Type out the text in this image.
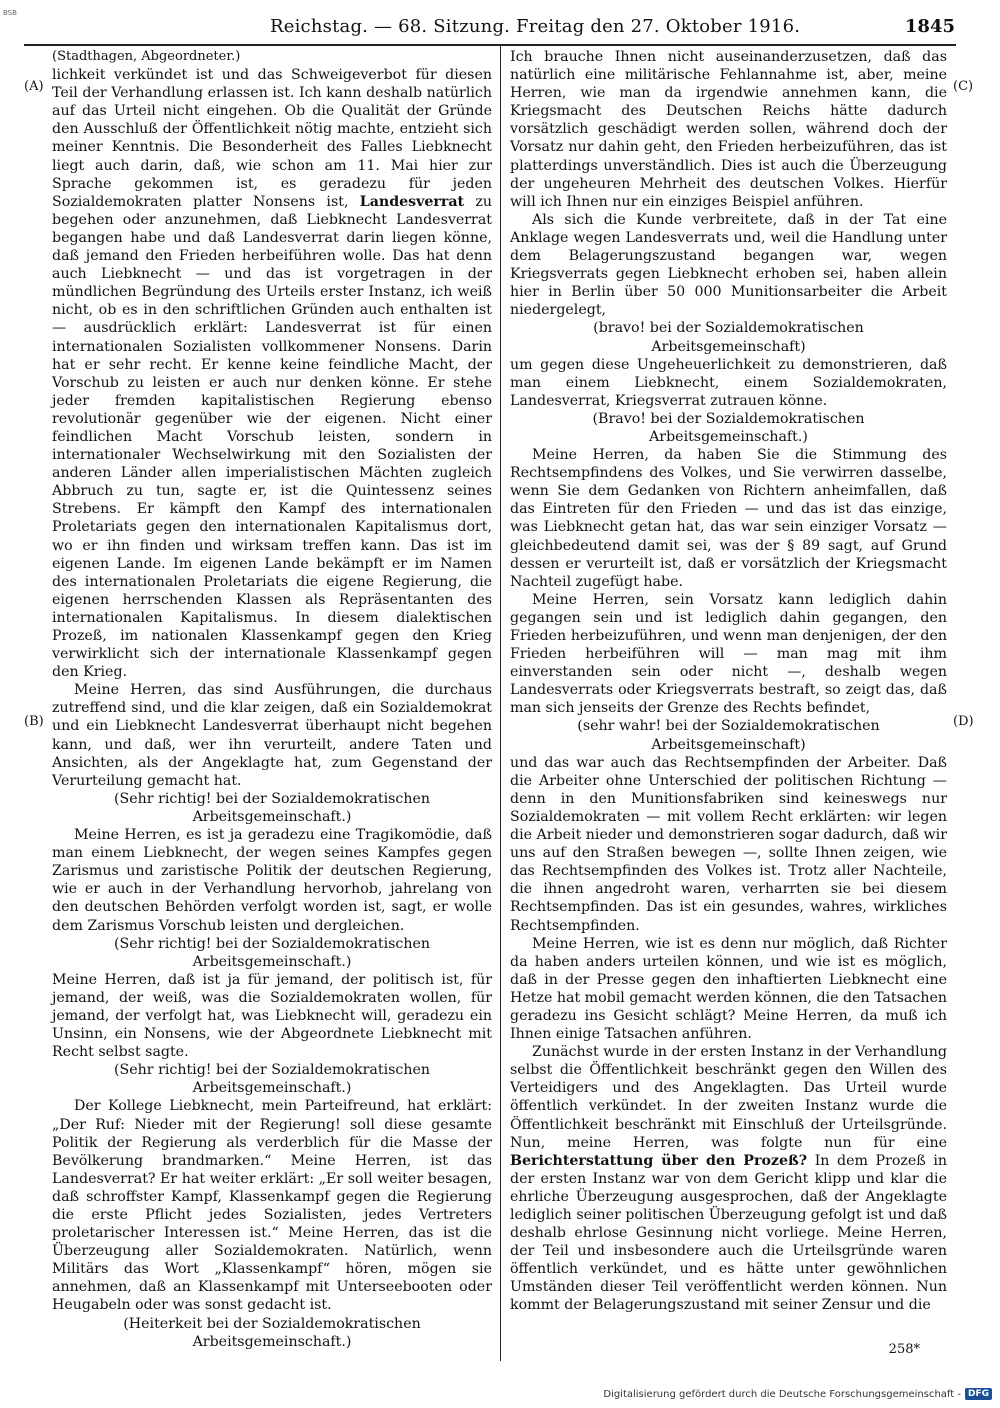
BSB
Reichstag. — 68. Sitzung. Freitag den 27. Oktober 1916.	1845
(A)
(B)
(C)
(D)

(Stadthagen, Abgeordneter.)

lichkeit verkündet ist und das Schweigeverbot für diesen Teil der Verhandlung erlassen ist. Ich kann deshalb natürlich auf das Urteil nicht eingehen. Ob die Qualität der Gründe den Ausschluß der Öffentlichkeit nötig machte, entzieht sich meiner Kenntnis. Die Besonderheit des Falles Liebknecht liegt auch darin, daß, wie schon am 11. Mai hier zur Sprache gekommen ist, es geradezu für jeden Sozialdemokraten platter Nonsens ist, Landesverrat zu begehen oder anzunehmen, daß Liebknecht Landesverrat begangen habe und daß Landesverrat darin liegen könne, daß jemand den Frieden herbeiführen wolle. Das hat denn auch Liebknecht — und das ist vorgetragen in der mündlichen Begründung des Urteils erster Instanz, ich weiß nicht, ob es in den schriftlichen Gründen auch enthalten ist — ausdrücklich erklärt: Landesverrat ist für einen internationalen Sozialisten vollkommener Nonsens. Darin hat er sehr recht. Er kenne keine feindliche Macht, der Vorschub zu leisten er auch nur denken könne. Er stehe jeder fremden kapitalistischen Regierung ebenso revolutionär gegenüber wie der eigenen. Nicht einer feindlichen Macht Vorschub leisten, sondern in internationaler Wechselwirkung mit den Sozialisten der anderen Länder allen imperialistischen Mächten zugleich Abbruch zu tun, sagte er, ist die Quintessenz seines Strebens. Er kämpft den Kampf des internationalen Proletariats gegen den internationalen Kapitalismus dort, wo er ihn finden und wirksam treffen kann. Das ist im eigenen Lande. Im eigenen Lande bekämpft er im Namen des internationalen Proletariats die eigene Regierung, die eigenen herrschenden Klassen als Repräsentanten des internationalen Kapitalismus. In diesem dialektischen Prozeß, im nationalen Klassenkampf gegen den Krieg verwirklicht sich der internationale Klassenkampf gegen den Krieg.

Meine Herren, das sind Ausführungen, die durchaus zutreffend sind, und die klar zeigen, daß ein Sozialdemokrat und ein Liebknecht Landesverrat überhaupt nicht begehen kann, und daß, wer ihn verurteilt, andere Taten und Ansichten, als der Angeklagte hat, zum Gegenstand der Verurteilung gemacht hat.

(Sehr richtig! bei der Sozialdemokratischen Arbeitsgemeinschaft.)

Meine Herren, es ist ja geradezu eine Tragikomödie, daß man einem Liebknecht, der wegen seines Kampfes gegen Zarismus und zaristische Politik der deutschen Regierung, wie er auch in der Verhandlung hervorhob, jahrelang von den deutschen Behörden verfolgt worden ist, sagt, er wolle dem Zarismus Vorschub leisten und dergleichen.

(Sehr richtig! bei der Sozialdemokratischen Arbeitsgemeinschaft.)

Meine Herren, daß ist ja für jemand, der politisch ist, für jemand, der weiß, was die Sozialdemokraten wollen, für jemand, der verfolgt hat, was Liebknecht will, geradezu ein Unsinn, ein Nonsens, wie der Abgeordnete Liebknecht mit Recht selbst sagte.

(Sehr richtig! bei der Sozialdemokratischen Arbeitsgemeinschaft.)

Der Kollege Liebknecht, mein Parteifreund, hat erklärt: „Der Ruf: Nieder mit der Regierung! soll diese gesamte Politik der Regierung als verderblich für die Masse der Bevölkerung brandmarken.“ Meine Herren, ist das Landesverrat? Er hat weiter erklärt: „Er soll weiter besagen, daß schroffster Kampf, Klassenkampf gegen die Regierung die erste Pflicht jedes Sozialisten, jedes Vertreters proletarischer Interessen ist.“ Meine Herren, das ist die Überzeugung aller Sozialdemokraten. Natürlich, wenn Militärs das Wort „Klassenkampf“ hören, mögen sie annehmen, daß an Klassenkampf mit Unterseebooten oder Heugabeln oder was sonst gedacht ist.

(Heiterkeit bei der Sozialdemokratischen Arbeitsgemeinschaft.)

Ich brauche Ihnen nicht auseinanderzusetzen, daß das natürlich eine militärische Fehlannahme ist, aber, meine Herren, wie man da irgendwie annehmen kann, die Kriegsmacht des Deutschen Reichs hätte dadurch vorsätzlich geschädigt werden sollen, während doch der Vorsatz nur dahin geht, den Frieden herbeizuführen, das ist platterdings unverständlich. Dies ist auch die Überzeugung der ungeheuren Mehrheit des deutschen Volkes. Hierfür will ich Ihnen nur ein einziges Beispiel anführen.

Als sich die Kunde verbreitete, daß in der Tat eine Anklage wegen Landesverrats und, weil die Handlung unter dem Belagerungszustand begangen war, wegen Kriegsverrats gegen Liebknecht erhoben sei, haben allein hier in Berlin über 50 000 Munitionsarbeiter die Arbeit niedergelegt,

(bravo! bei der Sozialdemokratischen Arbeitsgemeinschaft)

um gegen diese Ungeheuerlichkeit zu demonstrieren, daß man einem Liebknecht, einem Sozialdemokraten, Landesverrat, Kriegsverrat zutrauen könne.

(Bravo! bei der Sozialdemokratischen Arbeitsgemeinschaft.)

Meine Herren, da haben Sie die Stimmung des Rechtsempfindens des Volkes, und Sie verwirren dasselbe, wenn Sie dem Gedanken von Richtern anheimfallen, daß das Eintreten für den Frieden — und das ist das einzige, was Liebknecht getan hat, das war sein einziger Vorsatz — gleichbedeutend damit sei, was der § 89 sagt, auf Grund dessen er verurteilt ist, daß er vorsätzlich der Kriegsmacht Nachteil zugefügt habe.

Meine Herren, sein Vorsatz kann lediglich dahin gegangen sein und ist lediglich dahin gegangen, den Frieden herbeizuführen, und wenn man denjenigen, der den Frieden herbeiführen will — man mag mit ihm einverstanden sein oder nicht —, deshalb wegen Landesverrats oder Kriegsverrats bestraft, so zeigt das, daß man sich jenseits der Grenze des Rechts befindet,

(sehr wahr! bei der Sozialdemokratischen Arbeitsgemeinschaft)

und das war auch das Rechtsempfinden der Arbeiter. Daß die Arbeiter ohne Unterschied der politischen Richtung — denn in den Munitionsfabriken sind keineswegs nur Sozialdemokraten — mit vollem Recht erklärten: wir legen die Arbeit nieder und demonstrieren sogar dadurch, daß wir uns auf den Straßen bewegen —, sollte Ihnen zeigen, wie das Rechtsempfinden des Volkes ist. Trotz aller Nachteile, die ihnen angedroht waren, verharrten sie bei diesem Rechtsempfinden. Das ist ein gesundes, wahres, wirkliches Rechtsempfinden.

Meine Herren, wie ist es denn nur möglich, daß Richter da haben anders urteilen können, und wie ist es möglich, daß in der Presse gegen den inhaftierten Liebknecht eine Hetze hat mobil gemacht werden können, die den Tatsachen geradezu ins Gesicht schlägt? Meine Herren, da muß ich Ihnen einige Tatsachen anführen.

Zunächst wurde in der ersten Instanz in der Verhandlung selbst die Öffentlichkeit beschränkt gegen den Willen des Verteidigers und des Angeklagten. Das Urteil wurde öffentlich verkündet. In der zweiten Instanz wurde die Öffentlichkeit beschränkt mit Einschluß der Urteilsgründe. Nun, meine Herren, was folgte nun für eine Berichterstattung über den Prozeß? In dem Prozeß in der ersten Instanz war von dem Gericht klipp und klar die ehrliche Überzeugung ausgesprochen, daß der Angeklagte lediglich seiner politischen Überzeugung gefolgt ist und daß deshalb ehrlose Gesinnung nicht vorliege. Meine Herren, der Teil und insbesondere auch die Urteilsgründe waren öffentlich verkündet, und es hätte unter gewöhnlichen Umständen dieser Teil veröffentlicht werden können. Nun kommt der Belagerungszustand mit seiner Zensur und die

258*
Digitalisierung gefördert durch die Deutsche Forschungsgemeinschaft - DFG
